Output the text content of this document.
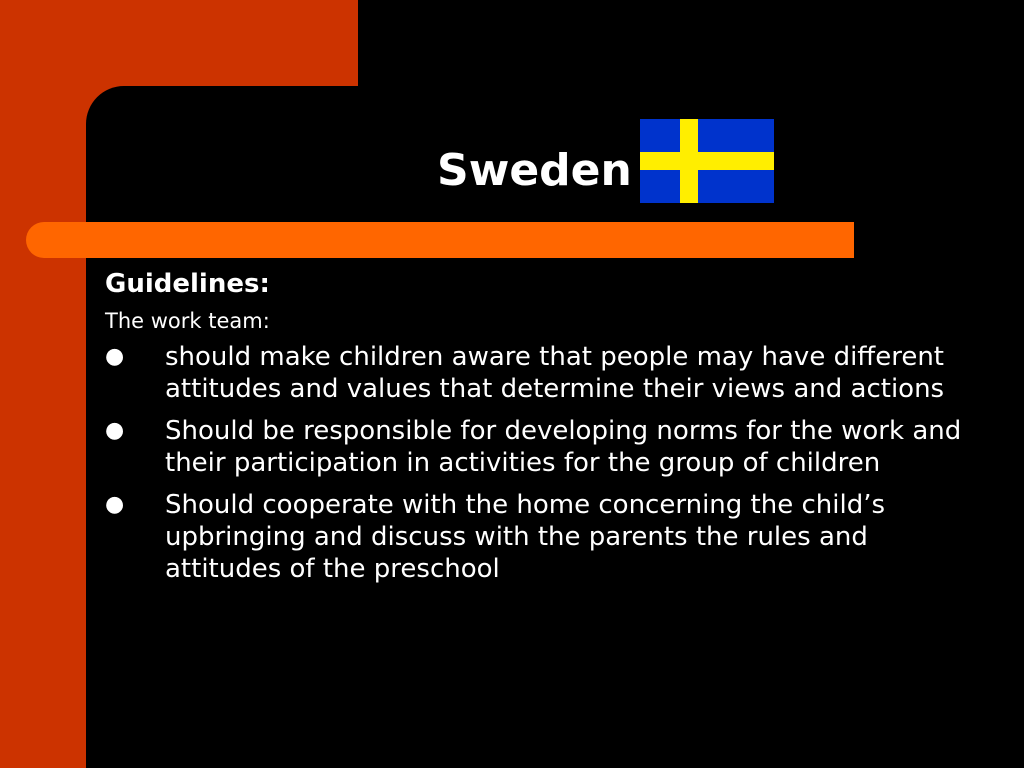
Sweden
Guidelines:
The work team:
●	should make children aware that people may have different attitudes and values that determine their views and actions
●	Should be responsible for developing norms for the work and their participation in activities for the group of children
●	Should cooperate with the home concerning the child’s upbringing and discuss with the parents the rules and attitudes of the preschool
